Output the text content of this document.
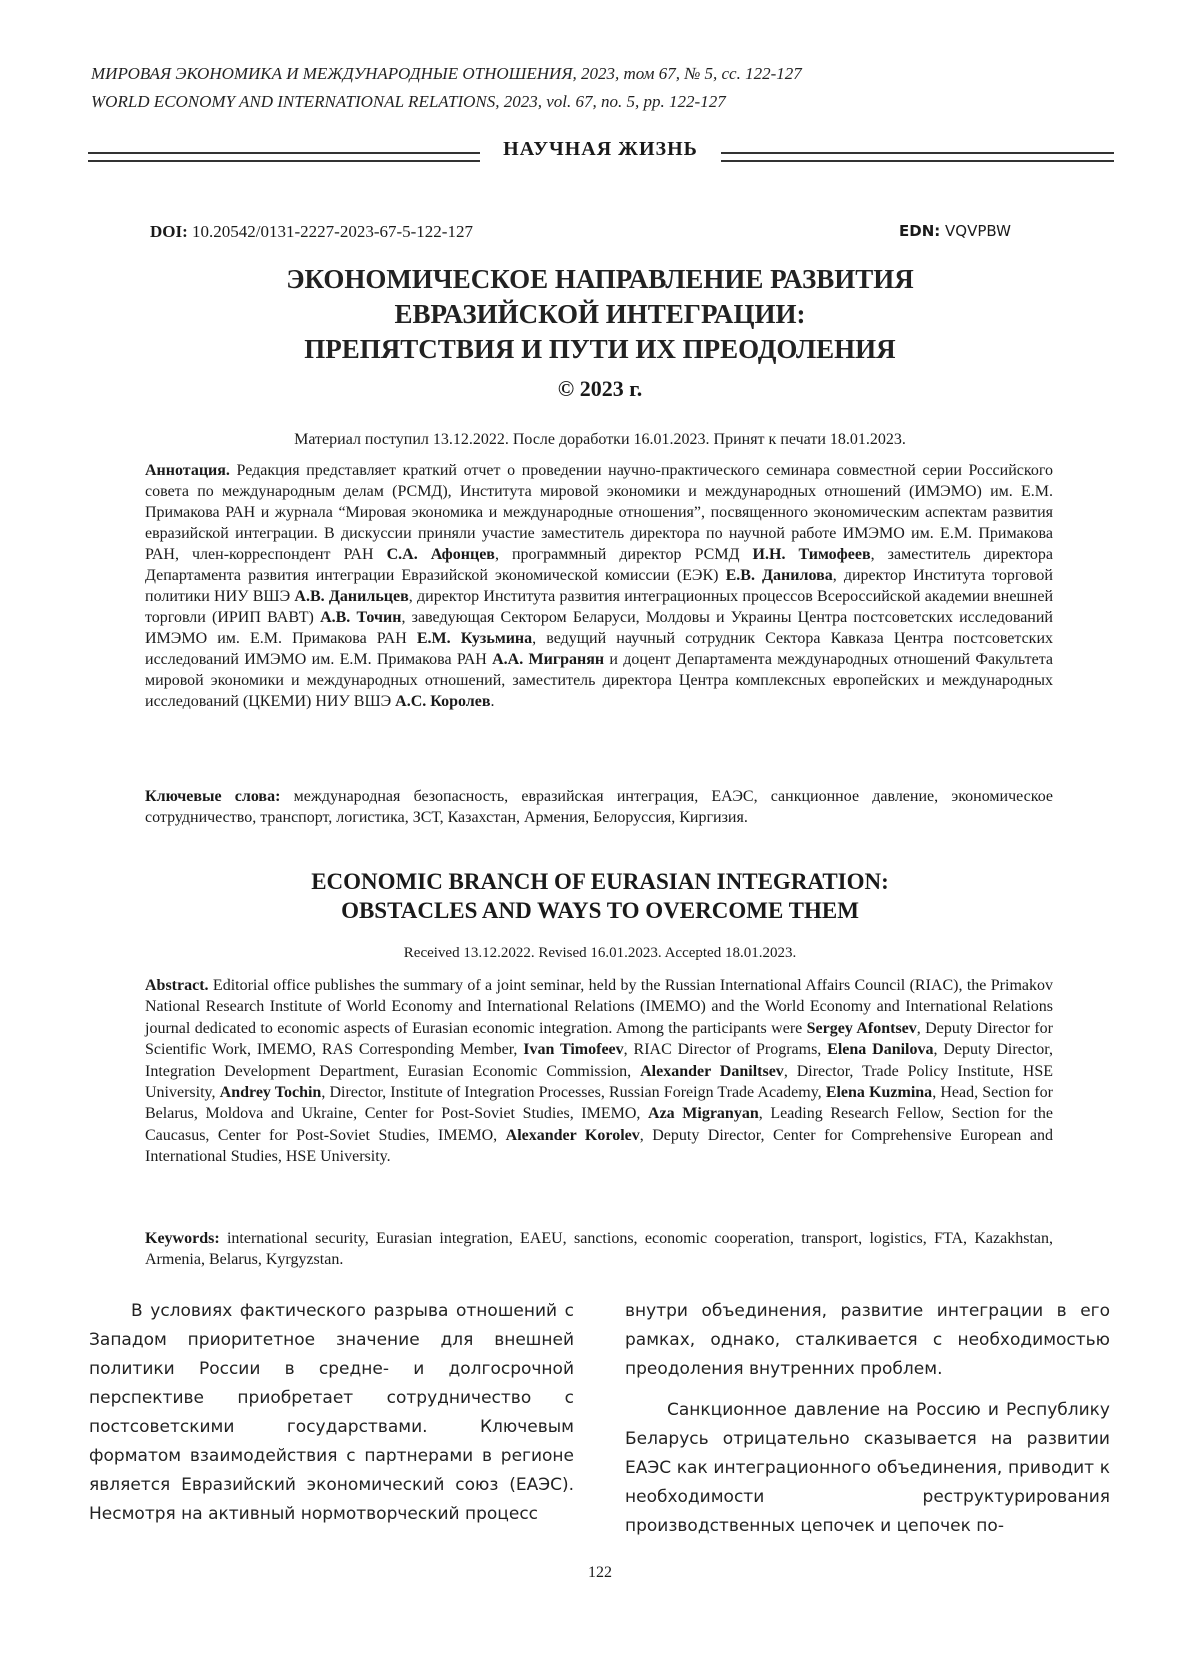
МИРОВАЯ ЭКОНОМИКА И МЕЖДУНАРОДНЫЕ ОТНОШЕНИЯ, 2023, том 67, № 5, сс. 122-127
WORLD ECONOMY AND INTERNATIONAL RELATIONS, 2023, vol. 67, no. 5, pp. 122-127
НАУЧНАЯ ЖИЗНЬ
DOI: 10.20542/0131-2227-2023-67-5-122-127	EDN: VQVPBW
ЭКОНОМИЧЕСКОЕ НАПРАВЛЕНИЕ РАЗВИТИЯ
ЕВРАЗИЙСКОЙ ИНТЕГРАЦИИ:
ПРЕПЯТСТВИЯ И ПУТИ ИХ ПРЕОДОЛЕНИЯ
© 2023 г.
Материал поступил 13.12.2022. После доработки 16.01.2023. Принят к печати 18.01.2023.
Аннотация. Редакция представляет краткий отчет о проведении научно-практического семинара совместной серии Российского совета по международным делам (РСМД), Института мировой экономики и международных отношений (ИМЭМО) им. Е.М. Примакова РАН и журнала “Мировая экономика и международные отношения”, посвященного экономическим аспектам развития евразийской интеграции. В дискуссии приняли участие заместитель директора по научной работе ИМЭМО им. Е.М. Примакова РАН, член-корреспондент РАН С.А. Афонцев, программный директор РСМД И.Н. Тимофеев, заместитель директора Департамента развития интеграции Евразийской экономической комиссии (ЕЭК) Е.В. Данилова, директор Института торговой политики НИУ ВШЭ А.В. Данильцев, директор Института развития интеграционных процессов Всероссийской академии внешней торговли (ИРИП ВАВТ) А.В. Точин, заведующая Сектором Беларуси, Молдовы и Украины Центра постсоветских исследований ИМЭМО им. Е.М. Примакова РАН Е.М. Кузьмина, ведущий научный сотрудник Сектора Кавказа Центра постсоветских исследований ИМЭМО им. Е.М. Примакова РАН А.А. Мигранян и доцент Департамента международных отношений Факультета мировой экономики и международных отношений, заместитель директора Центра комплексных европейских и международных исследований (ЦКЕМИ) НИУ ВШЭ А.С. Королев.
Ключевые слова: международная безопасность, евразийская интеграция, ЕАЭС, санкционное давление, экономическое сотрудничество, транспорт, логистика, ЗСТ, Казахстан, Армения, Белоруссия, Киргизия.
ECONOMIC BRANCH OF EURASIAN INTEGRATION:
OBSTACLES AND WAYS TO OVERCOME THEM
Received 13.12.2022. Revised 16.01.2023. Accepted 18.01.2023.
Abstract. Editorial office publishes the summary of a joint seminar, held by the Russian International Affairs Council (RIAC), the Primakov National Research Institute of World Economy and International Relations (IMEMO) and the World Economy and International Relations journal dedicated to economic aspects of Eurasian economic integration. Among the participants were Sergey Afontsev, Deputy Director for Scientific Work, IMEMO, RAS Corresponding Member, Ivan Timofeev, RIAC Director of Programs, Elena Danilova, Deputy Director, Integration Development Department, Eurasian Economic Commission, Alexander Daniltsev, Director, Trade Policy Institute, HSE University, Andrey Tochin, Director, Institute of Integration Processes, Russian Foreign Trade Academy, Elena Kuzmina, Head, Section for Belarus, Moldova and Ukraine, Center for Post-Soviet Studies, IMEMO, Aza Migranyan, Leading Research Fellow, Section for the Caucasus, Center for Post-Soviet Studies, IMEMO, Alexander Korolev, Deputy Director, Center for Comprehensive European and International Studies, HSE University.
Keywords: international security, Eurasian integration, EAEU, sanctions, economic cooperation, transport, logistics, FTA, Kazakhstan, Armenia, Belarus, Kyrgyzstan.

В условиях фактического разрыва отношений с Западом приоритетное значение для внешней политики России в средне- и долгосрочной перспективе приобретает сотрудничество с постсоветскими государствами. Ключевым форматом взаимодействия с партнерами в регионе является Евразийский экономический союз (ЕАЭС). Несмотря на активный нормотворческий процесс

внутри объединения, развитие интеграции в его рамках, однако, сталкивается с необходимостью преодоления внутренних проблем.

Санкционное давление на Россию и Республику Беларусь отрицательно сказывается на развитии ЕАЭС как интеграционного объединения, приводит к необходимости реструктурирования производственных цепочек и цепочек по-

122
